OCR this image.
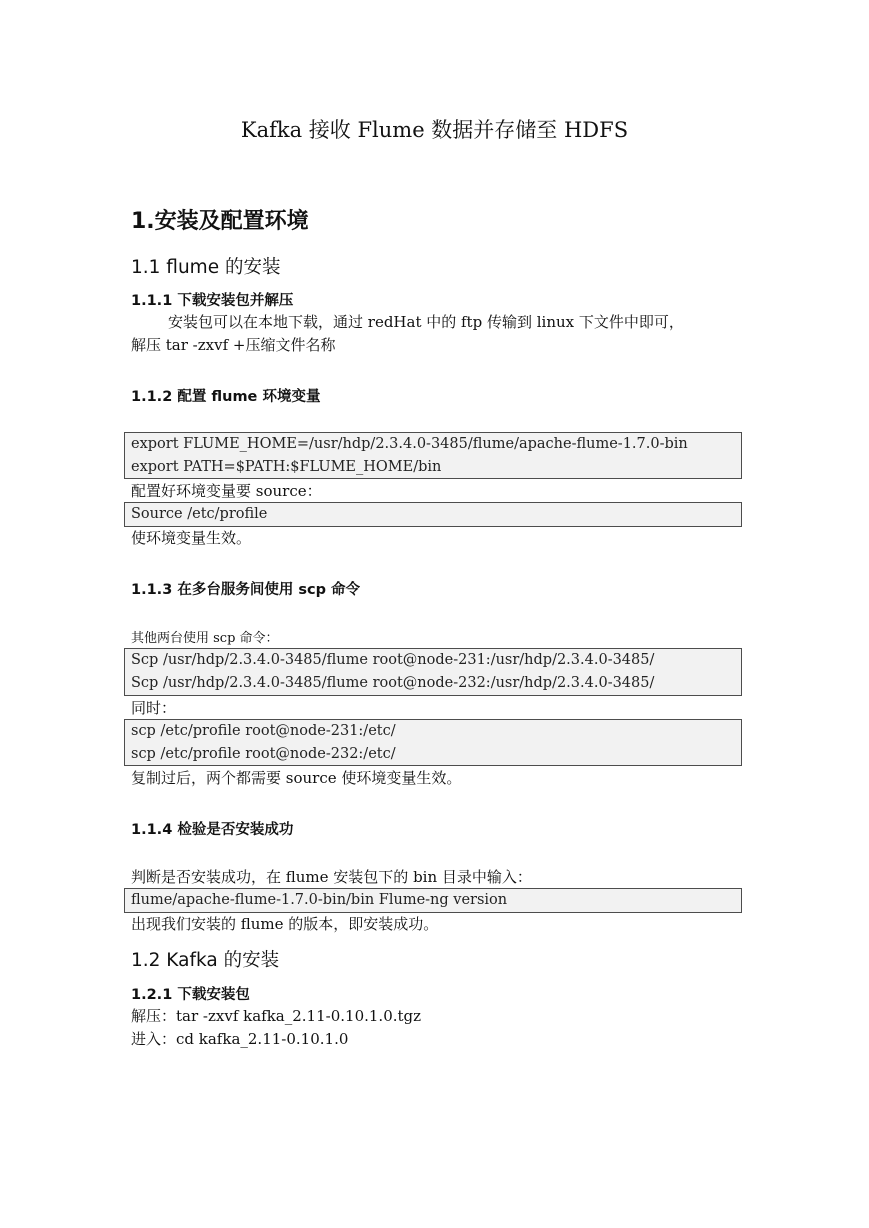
Kafka 接收 Flume 数据并存储至 HDFS
1.安装及配置环境
1.1 flume 的安装
1.1.1 下载安装包并解压
安装包可以在本地下载，通过 redHat 中的 ftp 传输到 linux 下文件中即可，
解压 tar -zxvf +压缩文件名称
1.1.2 配置 flume 环境变量
export FLUME_HOME=/usr/hdp/2.3.4.0-3485/flume/apache-flume-1.7.0-bin
export PATH=$PATH:$FLUME_HOME/bin
配置好环境变量要 source：
Source /etc/profile
使环境变量生效。
1.1.3 在多台服务间使用 scp 命令
其他两台使用 scp 命令：
Scp /usr/hdp/2.3.4.0-3485/flume root@node-231:/usr/hdp/2.3.4.0-3485/
Scp /usr/hdp/2.3.4.0-3485/flume root@node-232:/usr/hdp/2.3.4.0-3485/
同时：
scp /etc/profile root@node-231:/etc/
scp /etc/profile root@node-232:/etc/
复制过后，两个都需要 source 使环境变量生效。
1.1.4 检验是否安装成功
判断是否安装成功，在 flume 安装包下的 bin 目录中输入：
flume/apache-flume-1.7.0-bin/bin Flume-ng version
出现我们安装的 flume 的版本，即安装成功。
1.2 Kafka 的安装
1.2.1 下载安装包
解压：tar -zxvf kafka_2.11-0.10.1.0.tgz
进入：cd kafka_2.11-0.10.1.0
